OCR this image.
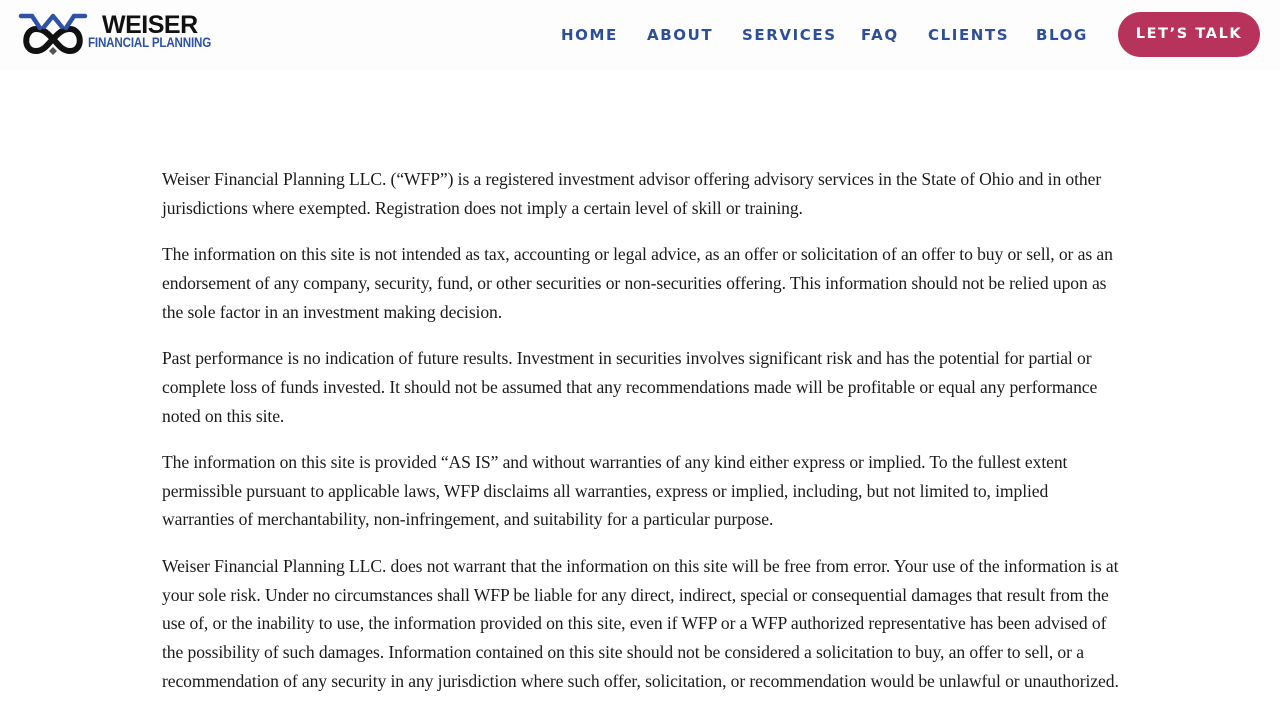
WEISER
FINANCIAL PLANNING	HOME ABOUT SERVICES FAQ CLIENTS BLOG	LET’S TALK

Weiser Financial Planning LLC. (“WFP”) is a registered investment advisor offering advisory services in the State of Ohio and in other jurisdictions where exempted. Registration does not imply a certain level of skill or training.

The information on this site is not intended as tax, accounting or legal advice, as an offer or solicitation of an offer to buy or sell, or as an endorsement of any company, security, fund, or other securities or non-securities offering. This information should not be relied upon as the sole factor in an investment making decision.

Past performance is no indication of future results. Investment in securities involves significant risk and has the potential for partial or complete loss of funds invested. It should not be assumed that any recommendations made will be profitable or equal any performance noted on this site.

The information on this site is provided “AS IS” and without warranties of any kind either express or implied. To the fullest extent permissible pursuant to applicable laws, WFP disclaims all warranties, express or implied, including, but not limited to, implied warranties of merchantability, non-infringement, and suitability for a particular purpose.

Weiser Financial Planning LLC. does not warrant that the information on this site will be free from error. Your use of the information is at your sole risk. Under no circumstances shall WFP be liable for any direct, indirect, special or consequential damages that result from the use of, or the inability to use, the information provided on this site, even if WFP or a WFP authorized representative has been advised of the possibility of such damages. Information contained on this site should not be considered a solicitation to buy, an offer to sell, or a recommendation of any security in any jurisdiction where such offer, solicitation, or recommendation would be unlawful or unauthorized.
